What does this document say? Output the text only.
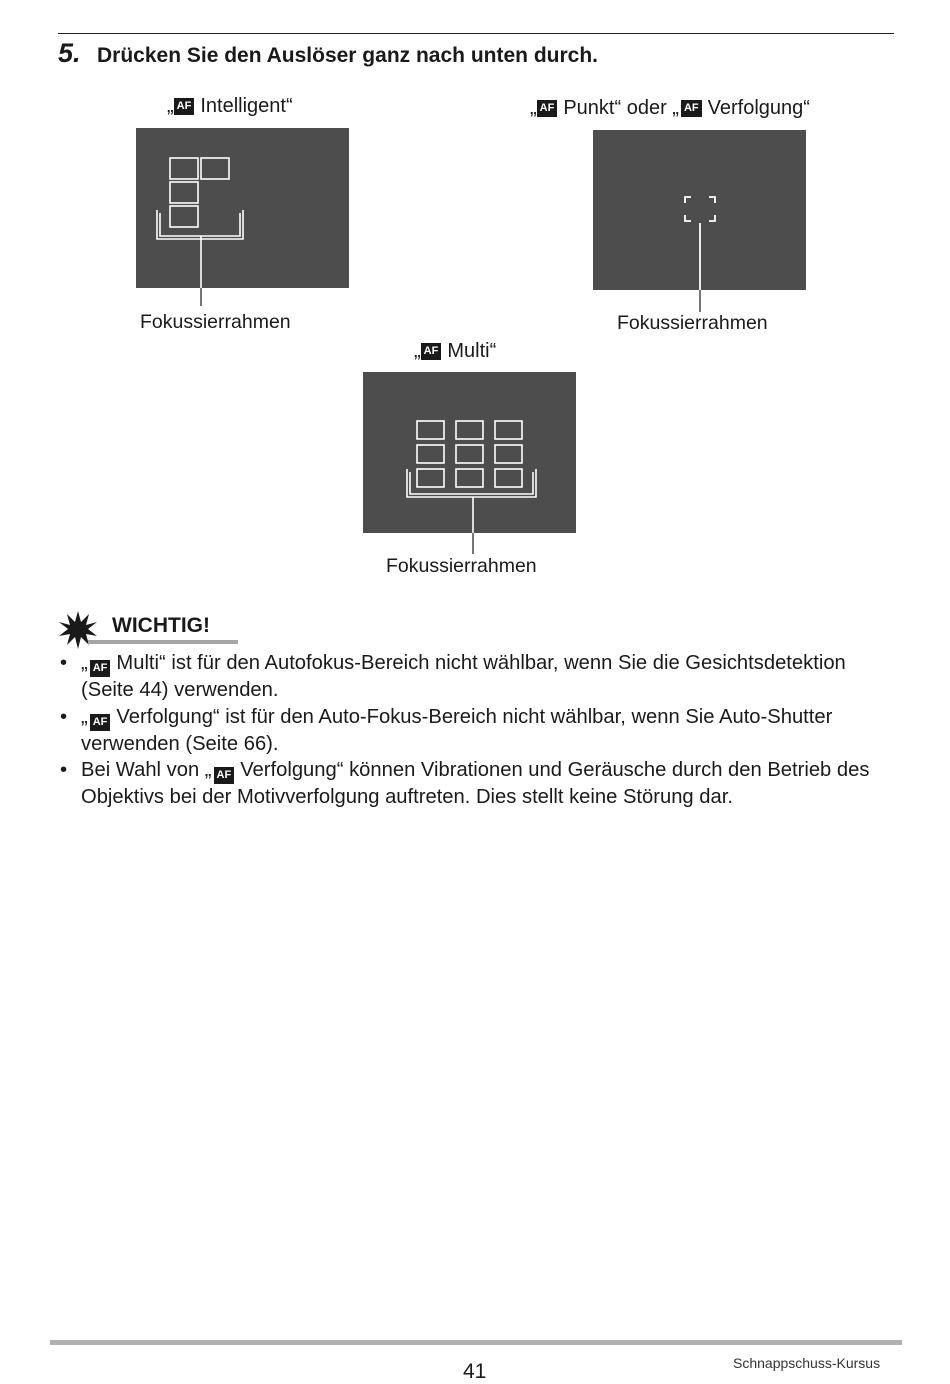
5. Drücken Sie den Auslöser ganz nach unten durch.
„ AF Intelligent“
Fokussierrahmen
„ AF Punkt“ oder „ AF Verfolgung“
Fokussierrahmen
„ AF Multi“
Fokussierrahmen
WICHTIG!
• „ AF Multi“ ist für den Autofokus-Bereich nicht wählbar, wenn Sie die Gesichtsdetektion (Seite 44) verwenden.
• „ AF Verfolgung“ ist für den Auto-Fokus-Bereich nicht wählbar, wenn Sie Auto-Shutter verwenden (Seite 66).
• Bei Wahl von „ AF Verfolgung“ können Vibrationen und Geräusche durch den Betrieb des Objektivs bei der Motivverfolgung auftreten. Dies stellt keine Störung dar.
41	Schnappschuss-Kursus
